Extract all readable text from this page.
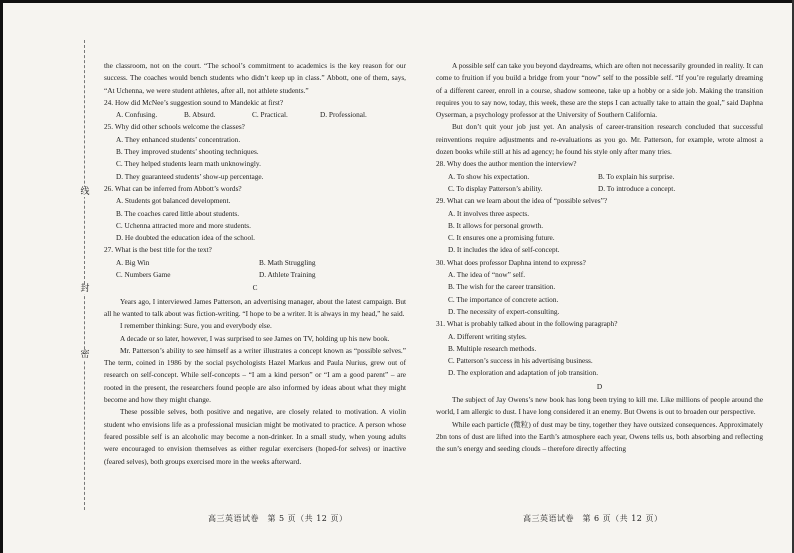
线
封
密

the classroom, not on the court. “The school’s commitment to academics is the key reason for our success. The coaches would bench students who didn’t keep up in class.” Abbott, one of them, says, “At Uchenna, we were student athletes, after all, not athlete students.”

24. How did McNee’s suggestion sound to Mandekic at first?

A. Confusing.	B. Absurd.	C. Practical.	D. Professional.

25. Why did other schools welcome the classes?

A. They enhanced students’ concentration.

B. They improved students’ shooting techniques.

C. They helped students learn math unknowingly.

D. They guaranteed students’ show-up percentage.

26. What can be inferred from Abbott’s words?

A. Students got balanced development.

B. The coaches cared little about students.

C. Uchenna attracted more and more students.

D. He doubted the education idea of the school.

27. What is the best title for the text?

A. Big Win	B. Math Struggling
C. Numbers Game	D. Athlete Training

C

Years ago, I interviewed James Patterson, an advertising manager, about the latest campaign. But all he wanted to talk about was fiction-writing. “I hope to be a writer. It is always in my head,” he said.

I remember thinking: Sure, you and everybody else.

A decade or so later, however, I was surprised to see James on TV, holding up his new book.

Mr. Patterson’s ability to see himself as a writer illustrates a concept known as “possible selves.” The term, coined in 1986 by the social psychologists Hazel Markus and Paula Nurius, grew out of research on self-concept. While self-concepts – “I am a kind person” or “I am a good parent” – are rooted in the present, the researchers found people are also informed by ideas about what they might become and how they might change.

These possible selves, both positive and negative, are closely related to motivation. A violin student who envisions life as a professional musician might be motivated to practice. A person whose feared possible self is an alcoholic may become a non-drinker. In a small study, when young adults were encouraged to envision themselves as either regular exercisers (hoped-for selves) or inactive (feared selves), both groups exercised more in the weeks afterward.

A possible self can take you beyond daydreams, which are often not necessarily grounded in reality. It can come to fruition if you build a bridge from your “now” self to the possible self. “If you’re regularly dreaming of a different career, enroll in a course, shadow someone, take up a hobby or a side job. Making the transition requires you to say now, today, this week, these are the steps I can actually take to attain the goal,” said Daphna Oyserman, a psychology professor at the University of Southern California.

But don’t quit your job just yet. An analysis of career-transition research concluded that successful reinventions require adjustments and re-evaluations as you go. Mr. Patterson, for example, wrote almost a dozen books while still at his ad agency; he found his style only after many tries.

28. Why does the author mention the interview?

A. To show his expectation.	B. To explain his surprise.
C. To display Patterson’s ability.	D. To introduce a concept.

29. What can we learn about the idea of “possible selves”?

A. It involves three aspects.

B. It allows for personal growth.

C. It ensures one a promising future.

D. It includes the idea of self-concept.

30. What does professor Daphna intend to express?

A. The idea of “now” self.

B. The wish for the career transition.

C. The importance of concrete action.

D. The necessity of expert-consulting.

31. What is probably talked about in the following paragraph?

A. Different writing styles.

B. Multiple research methods.

C. Patterson’s success in his advertising business.

D. The exploration and adaptation of job transition.

D

The subject of Jay Owens’s new book has long been trying to kill me. Like millions of people around the world, I am allergic to dust. I have long considered it an enemy. But Owens is out to broaden our perspective.

While each particle (微粒) of dust may be tiny, together they have outsized consequences. Approximately 2bn tons of dust are lifted into the Earth’s atmosphere each year, Owens tells us, both absorbing and reflecting the sun’s energy and seeding clouds – therefore directly affecting

高三英语试卷　第 5 页（共 12 页）	高三英语试卷　第 6 页（共 12 页）
